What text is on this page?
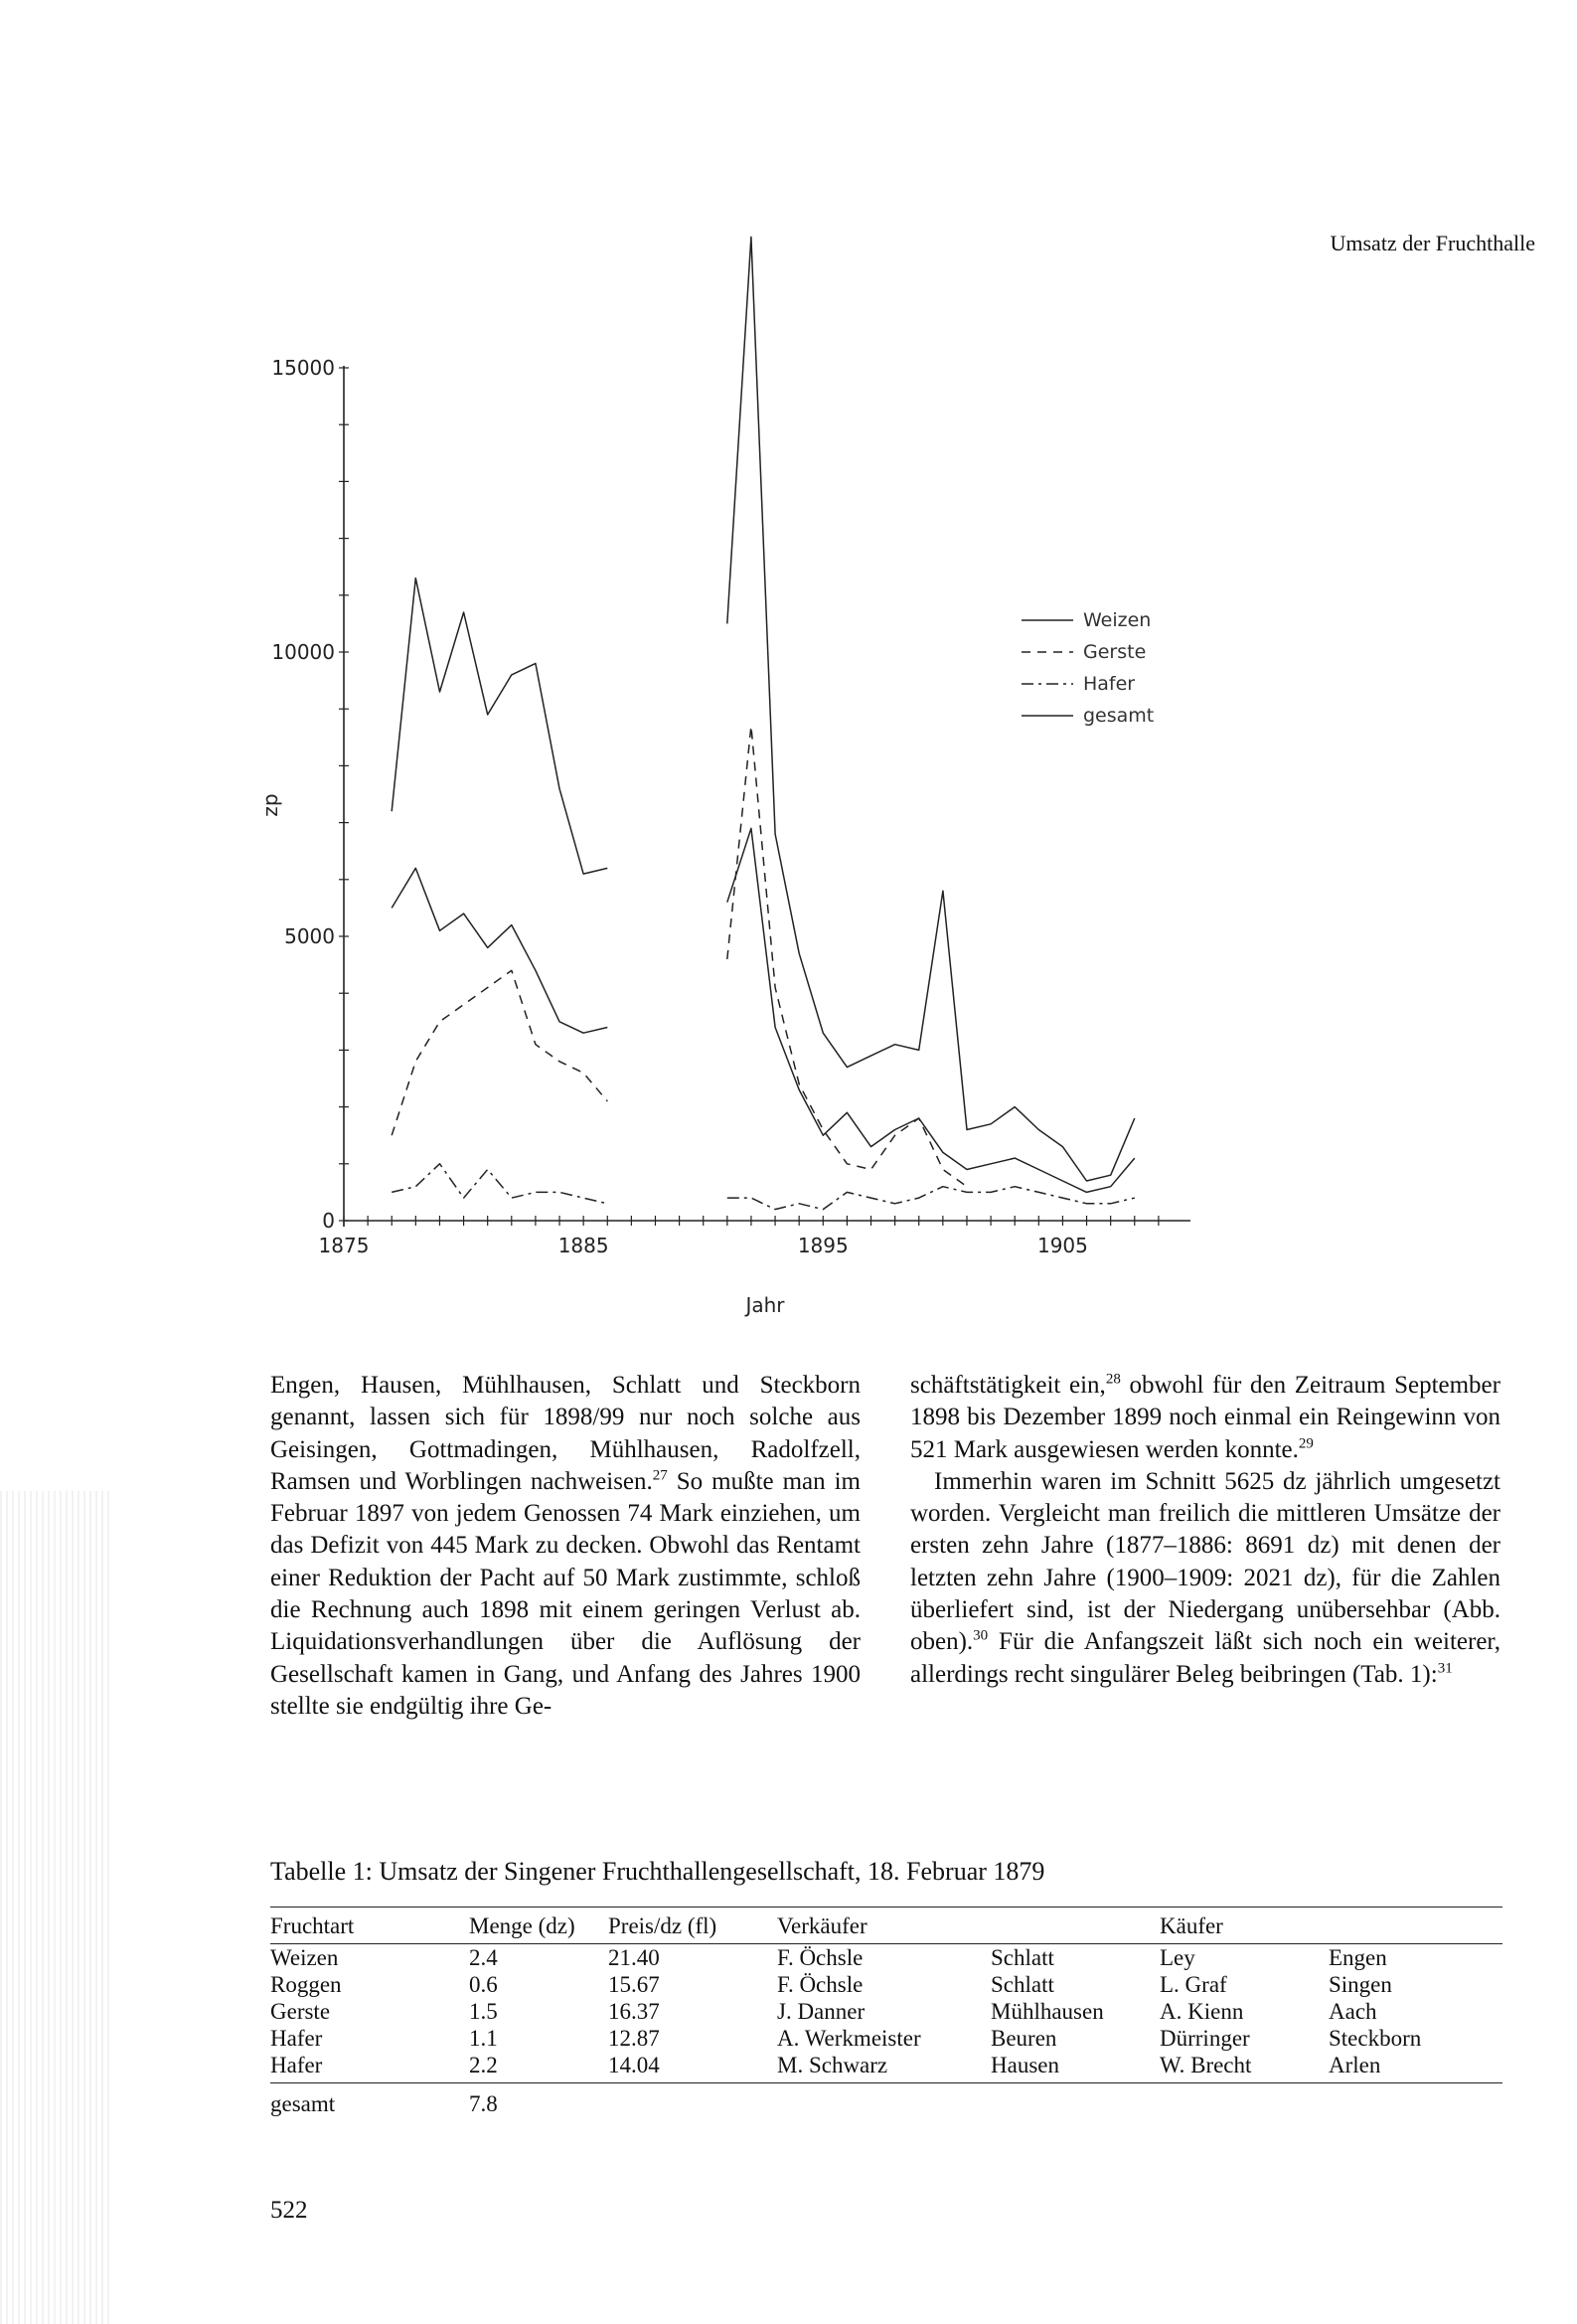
Umsatz der Fruchthalle
0
5000
10000
15000
1875	1885	1895	1905
dz
Jahr
Weizen
Gerste
Hafer
gesamt

Engen, Hausen, Mühlhausen, Schlatt und Steckborn genannt, lassen sich für 1898/99 nur noch solche aus Geisingen, Gottmadingen, Mühlhausen, Radolfzell, Ramsen und Worblingen nachweisen.$^{27}$ So mußte man im Februar 1897 von jedem Genossen 74 Mark einziehen, um das Defizit von 445 Mark zu decken. Obwohl das Rentamt einer Reduktion der Pacht auf 50 Mark zustimmte, schloß die Rechnung auch 1898 mit einem geringen Verlust ab. Liquidationsverhandlungen über die Auflösung der Gesellschaft kamen in Gang, und Anfang des Jahres 1900 stellte sie endgültig ihre Ge-

schäftstätigkeit ein,$^{28}$ obwohl für den Zeitraum September 1898 bis Dezember 1899 noch einmal ein Reingewinn von 521 Mark ausgewiesen werden konnte.$^{29}$

Immerhin waren im Schnitt 5625 dz jährlich umgesetzt worden. Vergleicht man freilich die mittleren Umsätze der ersten zehn Jahre (1877–1886: 8691 dz) mit denen der letzten zehn Jahre (1900–1909: 2021 dz), für die Zahlen überliefert sind, ist der Niedergang unübersehbar (Abb. oben).$^{30}$ Für die Anfangszeit läßt sich noch ein weiterer, allerdings recht singulärer Beleg beibringen (Tab. 1):$^{31}$

Tabelle 1: Umsatz der Singener Fruchthallengesellschaft, 18. Februar 1879
Fruchtart	Menge (dz)	Preis/dz (fl)	Verkäufer		Käufer	
Weizen	2.4	21.40	F. Öchsle	Schlatt	Ley	Engen
Roggen	0.6	15.67	F. Öchsle	Schlatt	L. Graf	Singen
Gerste	1.5	16.37	J. Danner	Mühlhausen	A. Kienn	Aach
Hafer	1.1	12.87	A. Werkmeister	Beuren	Dürringer	Steckborn
Hafer	2.2	14.04	M. Schwarz	Hausen	W. Brecht	Arlen
gesamt	7.8					
522
